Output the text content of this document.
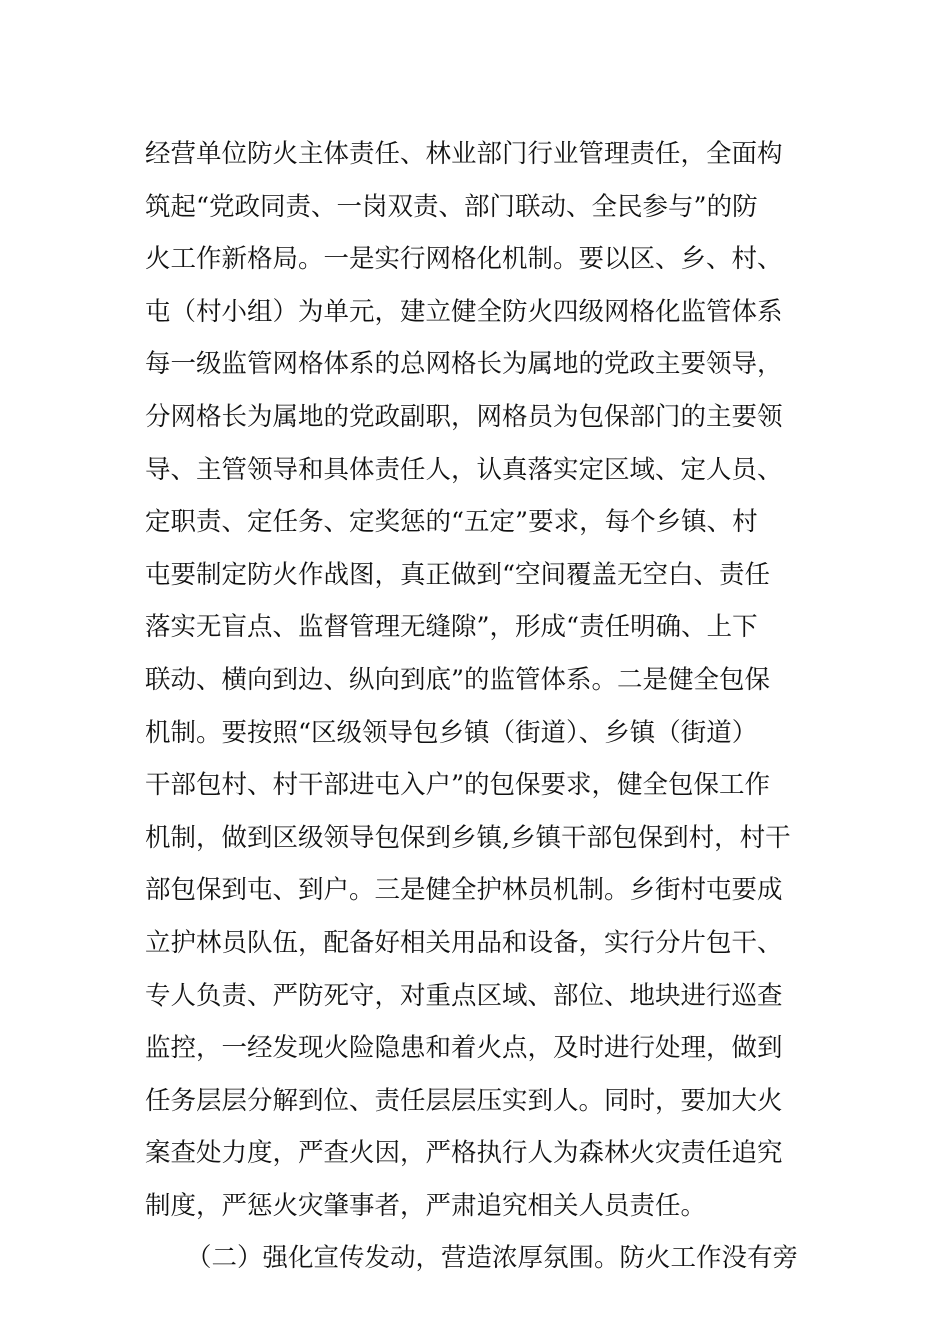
经营单位防火主体责任、林业部门行业管理责任，全面构
筑起“党政同责、一岗双责、部门联动、全民参与”的防
火工作新格局。一是实行网格化机制。要以区、乡、村、
屯（村小组）为单元，建立健全防火四级网格化监管体系
每一级监管网格体系的总网格长为属地的党政主要领导，
分网格长为属地的党政副职，网格员为包保部门的主要领
导、主管领导和具体责任人，认真落实定区域、定人员、
定职责、定任务、定奖惩的“五定”要求，每个乡镇、村
屯要制定防火作战图，真正做到“空间覆盖无空白、责任
落实无盲点、监督管理无缝隙”，形成“责任明确、上下
联动、横向到边、纵向到底”的监管体系。二是健全包保
机制。要按照“区级领导包乡镇（街道）、乡镇（街道）
干部包村、村干部进屯入户”的包保要求，健全包保工作
机制，做到区级领导包保到乡镇,乡镇干部包保到村，村干
部包保到屯、到户。三是健全护林员机制。乡街村屯要成
立护林员队伍，配备好相关用品和设备，实行分片包干、
专人负责、严防死守，对重点区域、部位、地块进行巡查
监控，一经发现火险隐患和着火点，及时进行处理，做到
任务层层分解到位、责任层层压实到人。同时，要加大火
案查处力度，严查火因，严格执行人为森林火灾责任追究
制度，严惩火灾肇事者，严肃追究相关人员责任。
（二）强化宣传发动，营造浓厚氛围。防火工作没有旁
